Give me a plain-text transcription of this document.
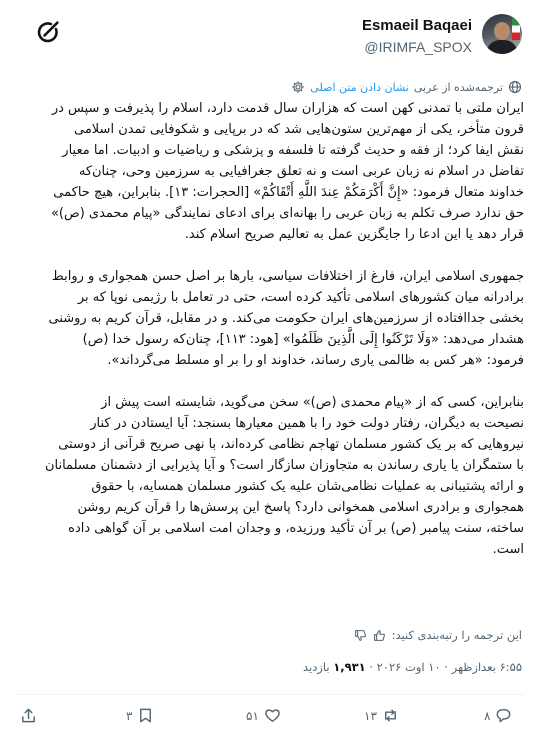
Esmaeil Baqaei
@IRIMFA_SPOX
ترجمه‌شده از عربی
نشان دادن متن اصلی

ایران ملتی با تمدنی کهن است که هزاران سال قدمت دارد، اسلام را پذیرفت و سپس در
قرون متأخر، یکی از مهم‌ترین ستون‌هایی شد که در برپایی و شکوفایی تمدن اسلامی
نقش ایفا کرد؛ از فقه و حدیث گرفته تا فلسفه و پزشکی و ریاضیات و ادبیات. اما معیار
تفاضل در اسلام نه زبان عربی است و نه تعلق جغرافیایی به سرزمین وحی، چنان‌که
خداوند متعال فرمود: «إِنَّ أَكْرَمَكُمْ عِندَ اللَّهِ أَتْقَاكُمْ» [الحجرات: ۱۳]. بنابراین، هیچ حاکمی
حق ندارد صرف تکلم به زبان عربی را بهانه‌ای برای ادعای نمایندگی «پیام محمدی (ص)»
قرار دهد یا این ادعا را جایگزین عمل به تعالیم صریح اسلام کند.

جمهوری اسلامی ایران، فارغ از اختلافات سیاسی، بارها بر اصل حسن همجواری و روابط
برادرانه میان کشورهای اسلامی تأکید کرده است، حتی در تعامل با رژیمی نوپا که بر
بخشی جداافتاده از سرزمین‌های ایران حکومت می‌کند. و در مقابل، قرآن کریم به روشنی
هشدار می‌دهد: «وَلَا تَرْكَنُوا إِلَى الَّذِينَ ظَلَمُوا» [هود: ۱۱۳]، چنان‌که رسول خدا (ص)
فرمود: «هر کس به ظالمی یاری رساند، خداوند او را بر او مسلط می‌گرداند».

بنابراین، کسی که از «پیام محمدی (ص)» سخن می‌گوید، شایسته است پیش از
نصیحت به دیگران، رفتار دولت خود را با همین معیارها بسنجد: آیا ایستادن در کنار
نیروهایی که بر یک کشور مسلمان تهاجم نظامی کرده‌اند، با نهی صریح قرآنی از دوستی
با ستمگران یا یاری رساندن به متجاوزان سازگار است؟ و آیا پذیرایی از دشمنان مسلمانان
و ارائه پشتیبانی به عملیات نظامی‌شان علیه یک کشور مسلمان همسایه، با حقوق
همجواری و برادری اسلامی همخوانی دارد؟ پاسخ این پرسش‌ها را قرآن کریم روشن
ساخته، سنت پیامبر (ص) بر آن تأکید ورزیده، و وجدان امت اسلامی بر آن گواهی داده
است.

این ترجمه را رتبه‌بندی کنید:
۶:۵۵ بعدازظهر · ۱۰ اوت ۲۰۲۶ · ۱,۹۳۱ بازدید
۳	۵۱	۱۳	۸
